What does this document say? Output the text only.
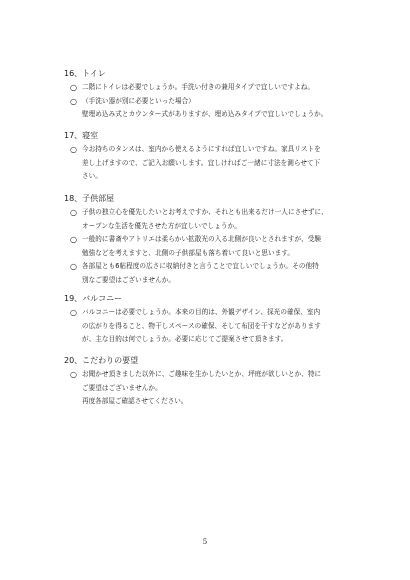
16、トイレ

○ 二階にトイレは必要でしょうか。手洗い付きの兼用タイプで宜しいですよね。
○ （手洗い器が別に必要といった場合）
壁埋め込み式とカウンター式がありますが、埋め込みタイプで宜しいでしょうか。

17、寝室

○ 今お持ちのタンスは、室内から使えるようにすれば宜しいですね。家具リストを
差し上げますので、ご記入お願いします。宜しければご一緒に寸法を測らせて下
さい。

18、子供部屋

○ 子供の独立心を優先したいとお考えですか、それとも出来るだけ一人にさせずに、
オープンな生活を優先させた方が宜しいでしょうか。
○ 一般的に書斎やアトリエは柔らかい拡散光の入る北側が良いとされますが、受験
勉強などを考えますと、北側の子供部屋も落ち着いて良いと思います。
○ 各部屋とも6帖程度の広さに収納付きと言うことで宜しいでしょうか。その他特
別なご要望はございませんか。

19、バルコニー

○ バルコニーは必要でしょうか。本来の目的は、外観デザイン、採光の確保、室内
の広がりを得ること、物干しスペースの確保、そして布団を干すなどがあります
が、主な目的は何でしょうか。必要に応じてご提案させて頂きます。

20、こだわりの要望

○ お聞かせ頂きました以外に、ご趣味を生かしたいとか、坪庭が欲しいとか、特に
ご要望はございませんか。
再度各部屋ご確認させてください。
5
